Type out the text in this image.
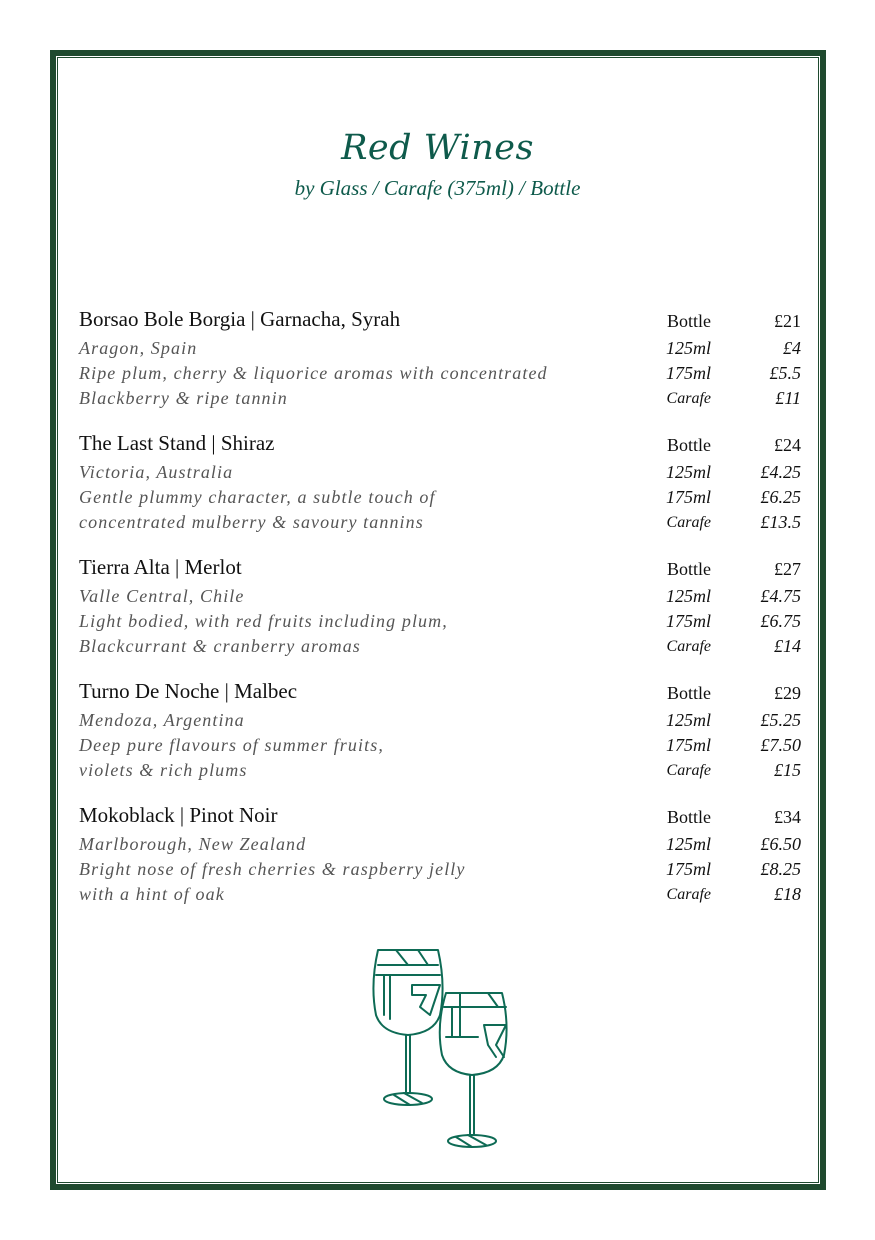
Red Wines
by Glass / Carafe (375ml) / Bottle
Borsao Bole Borgia | Garnacha, Syrah	Bottle	£21
Aragon, Spain	125ml	£4
Ripe plum, cherry & liquorice aromas with concentrated	175ml	£5.5
Blackberry & ripe tannin	Carafe	£11
The Last Stand | Shiraz	Bottle	£24
Victoria, Australia	125ml	£4.25
Gentle plummy character, a subtle touch of	175ml	£6.25
concentrated mulberry & savoury tannins	Carafe	£13.5
Tierra Alta | Merlot	Bottle	£27
Valle Central, Chile	125ml	£4.75
Light bodied, with red fruits including plum,	175ml	£6.75
Blackcurrant & cranberry aromas	Carafe	£14
Turno De Noche | Malbec	Bottle	£29
Mendoza, Argentina	125ml	£5.25
Deep pure flavours of summer fruits,	175ml	£7.50
violets & rich plums	Carafe	£15
Mokoblack | Pinot Noir	Bottle	£34
Marlborough, New Zealand	125ml	£6.50
Bright nose of fresh cherries & raspberry jelly	175ml	£8.25
with a hint of oak	Carafe	£18
